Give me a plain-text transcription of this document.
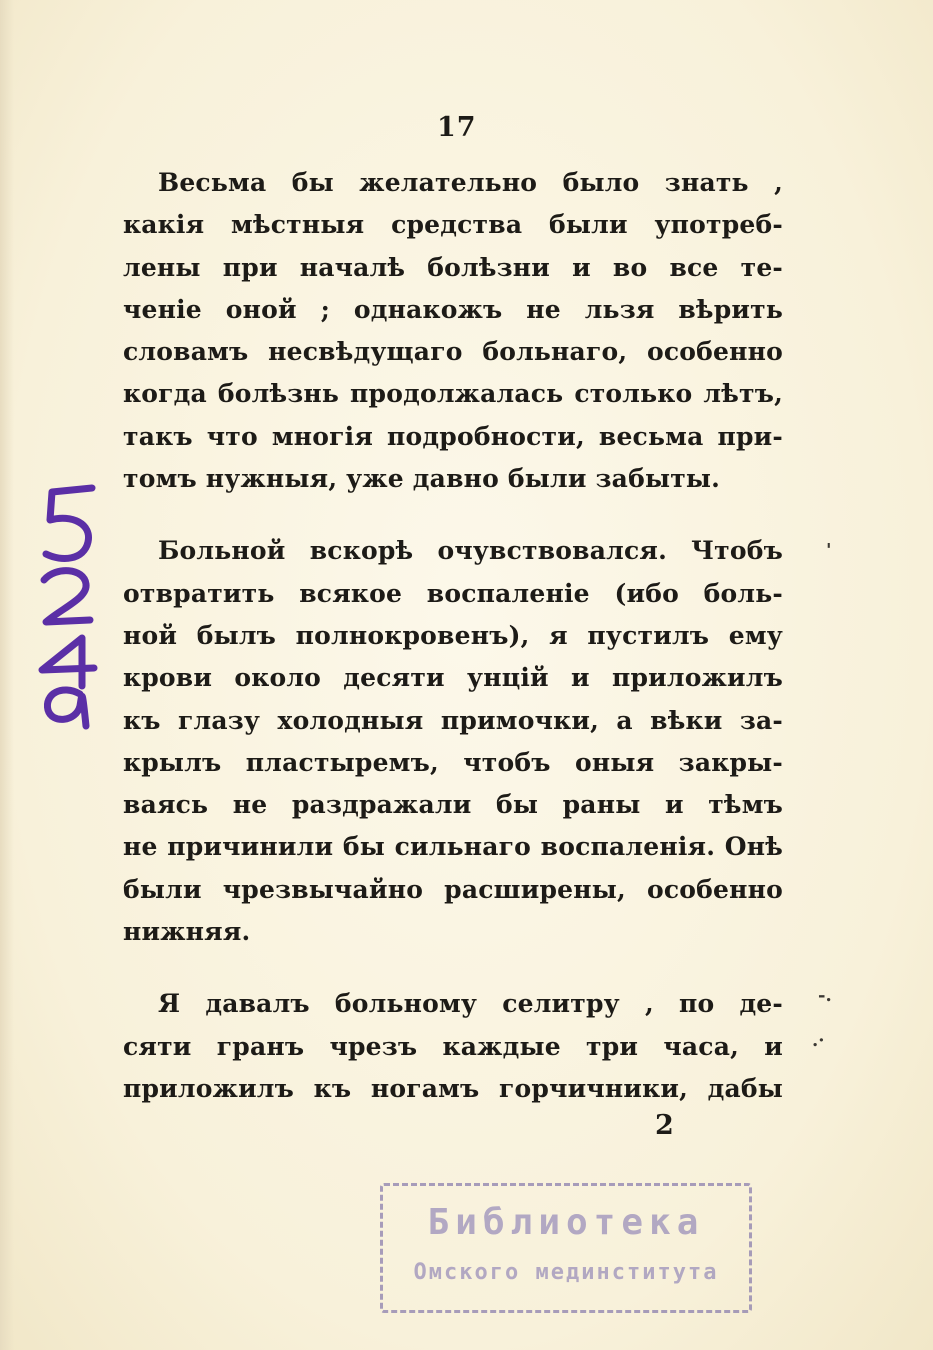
17
Весьма бы желательно было знать ,
какія мѣстныя средства были употреб-
лены при началѣ болѣзни и во все те-
ченіе оной ; однакожъ не льзя вѣрить
словамъ несвѣдущаго больнаго, особенно
когда болѣзнь продолжалась столько лѣтъ,
такъ что многія подробности, весьма при-
томъ нужныя, уже давно были забыты.
Больной вскорѣ очувствовался. Чтобъ
отвратить всякое воспаленіе (ибо боль-
ной былъ полнокровенъ), я пустилъ ему
крови около десяти унцій и приложилъ
къ глазу холодныя примочки, а вѣки за-
крылъ пластыремъ, чтобъ оныя закры-
ваясь не раздражали бы раны и тѣмъ
не причинили бы сильнаго воспаленія. Онѣ
были чрезвычайно расширены, особенно
нижняя.
Я давалъ больному селитру , по де-
сяти гранъ чрезъ каждые три часа, и
приложилъ къ ногамъ горчичники, дабы
2
'
-.
.·
Библиотека
Омского мединститута
